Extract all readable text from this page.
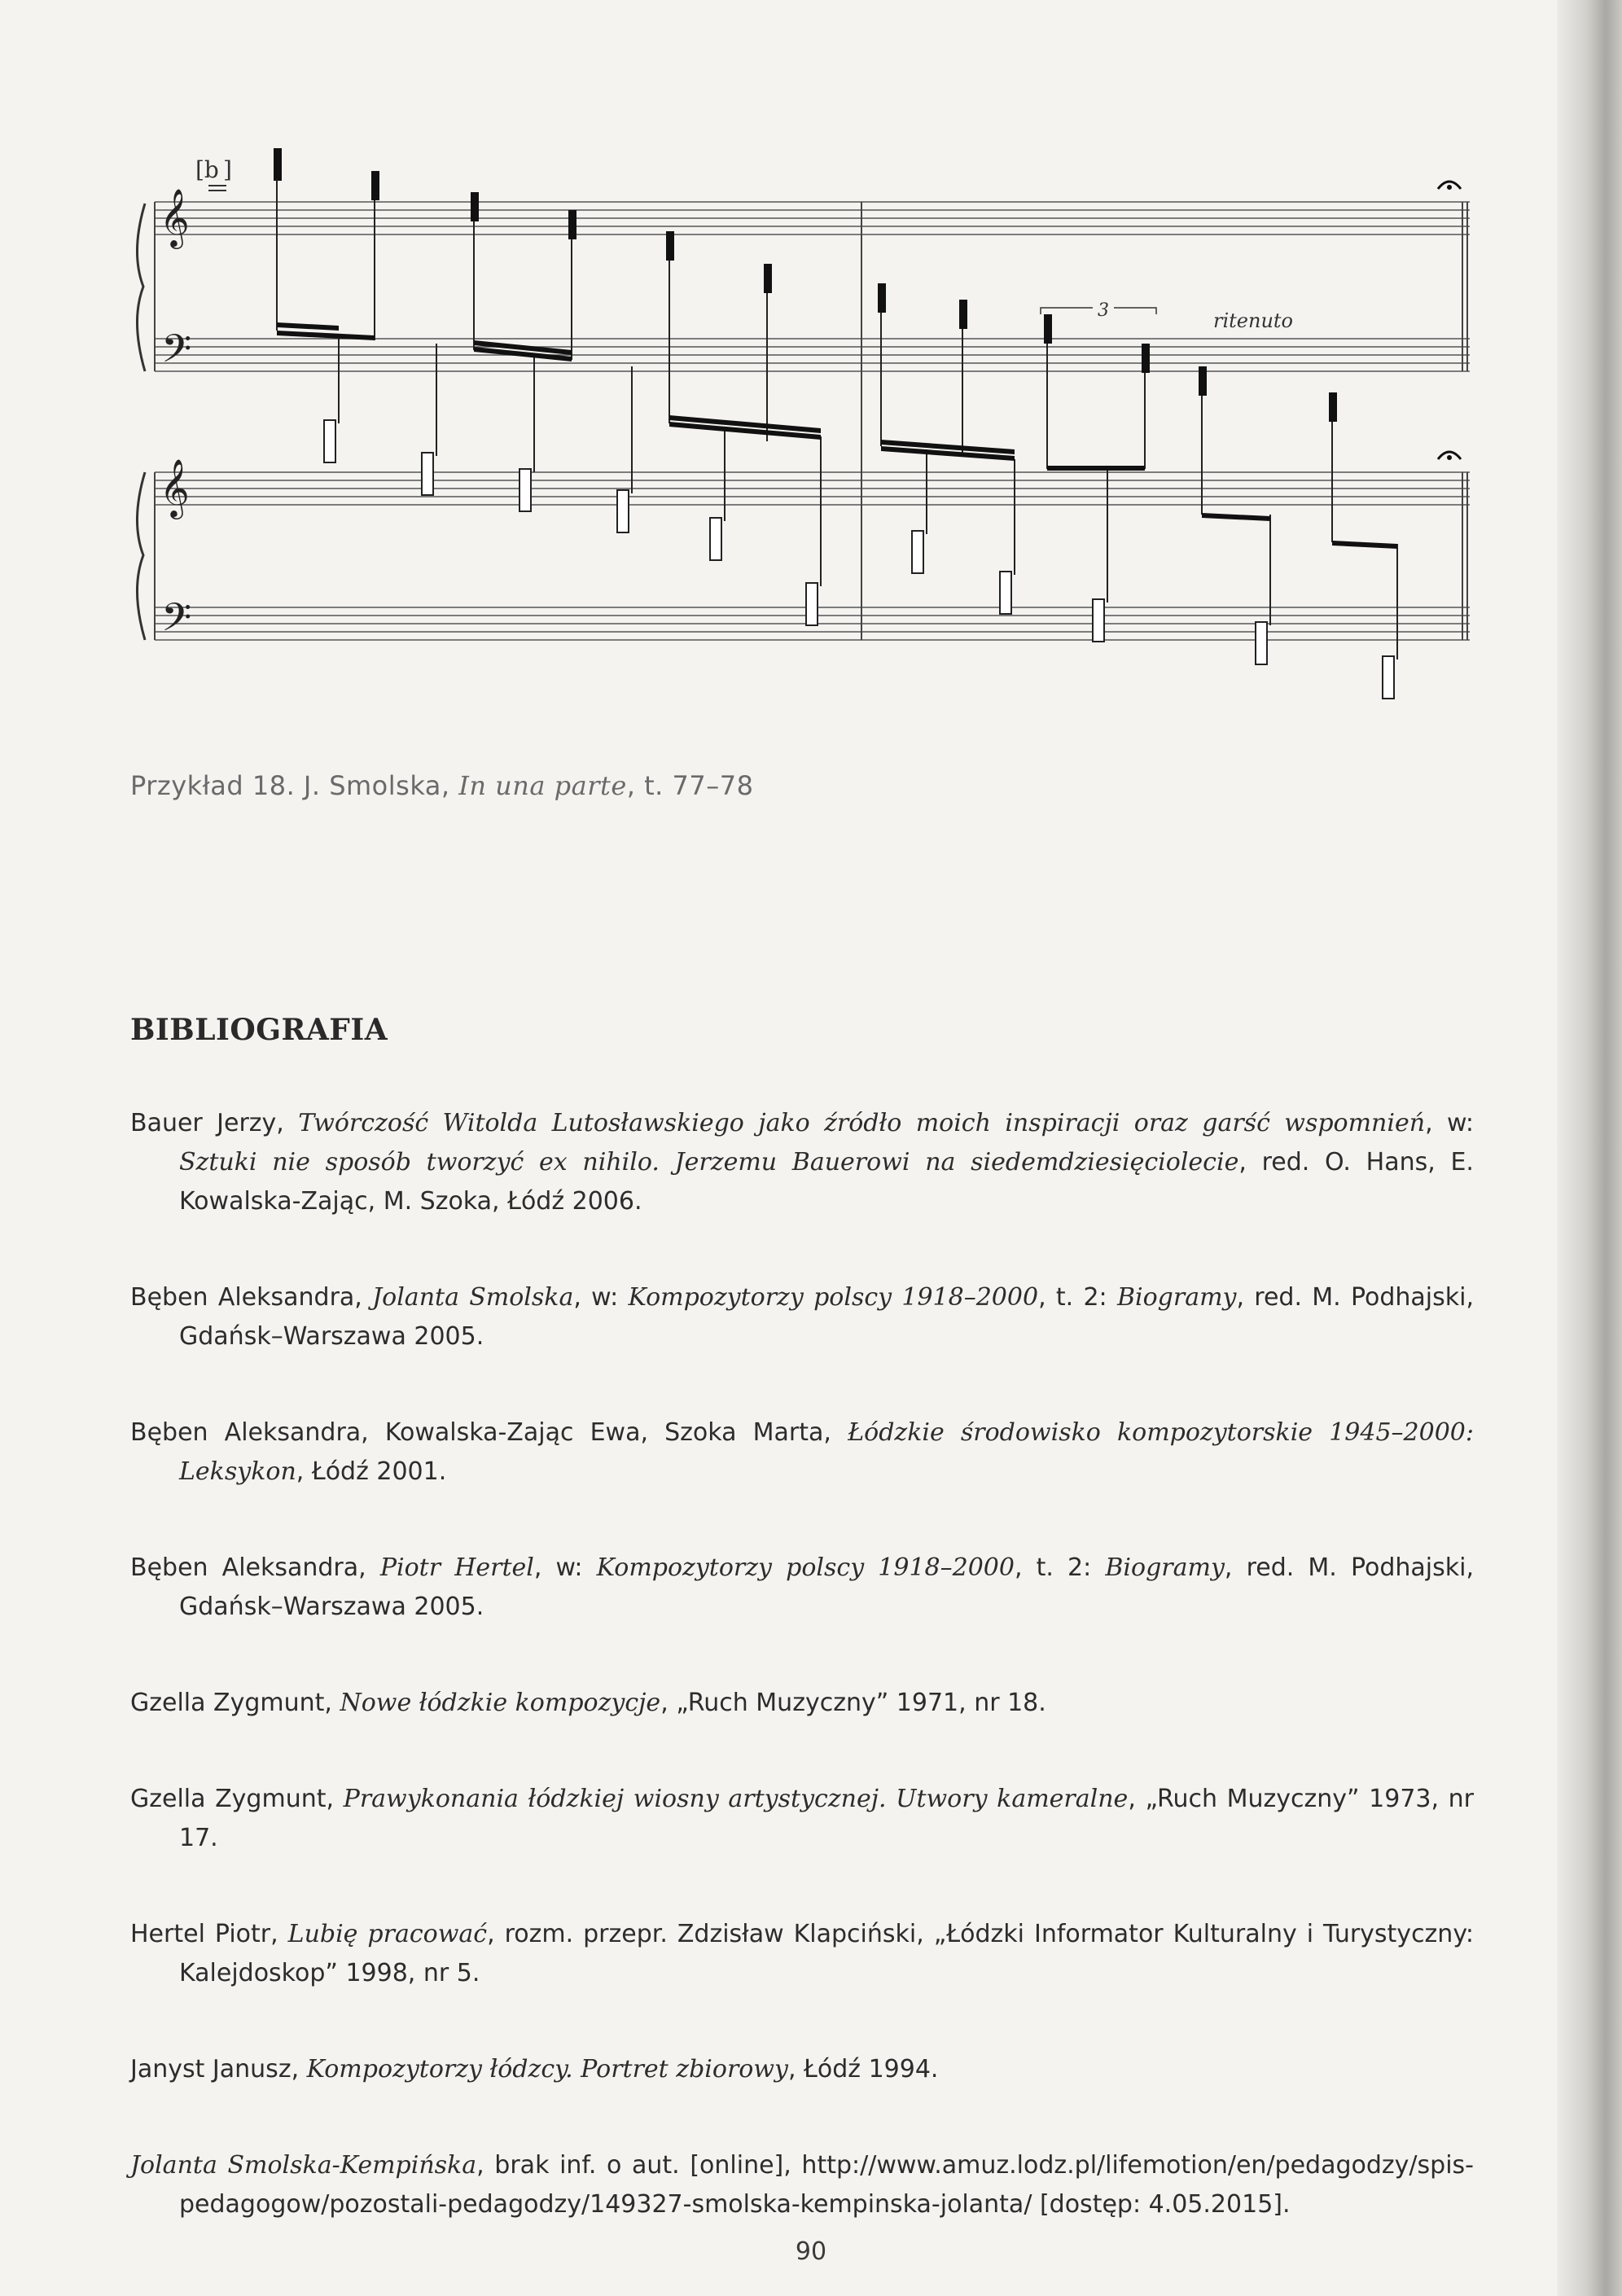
𝄞
𝄢
𝄞
𝄢
[b ]
3	ritenuto
Przykład 18. J. Smolska, In una parte, t. 77–78
BIBLIOGRAFIA

Bauer Jerzy, Twórczość Witolda Lutosławskiego jako źródło moich inspiracji oraz garść wspomnień, w: Sztuki nie sposób tworzyć ex nihilo. Jerzemu Bauerowi na siedemdziesięciolecie, red. O. Hans, E. Kowalska-Zając, M. Szoka, Łódź 2006.

Bęben Aleksandra, Jolanta Smolska, w: Kompozytorzy polscy 1918–2000, t. 2: Biogramy, red. M. Podhajski, Gdańsk–Warszawa 2005.

Bęben Aleksandra, Kowalska-Zając Ewa, Szoka Marta, Łódzkie środowisko kompozytorskie 1945–2000: Leksykon, Łódź 2001.

Bęben Aleksandra, Piotr Hertel, w: Kompozytorzy polscy 1918–2000, t. 2: Biogramy, red. M. Podhajski, Gdańsk–Warszawa 2005.

Gzella Zygmunt, Nowe łódzkie kompozycje, „Ruch Muzyczny” 1971, nr 18.

Gzella Zygmunt, Prawykonania łódzkiej wiosny artystycznej. Utwory kameralne, „Ruch Muzyczny” 1973, nr 17.

Hertel Piotr, Lubię pracować, rozm. przepr. Zdzisław Klapciński, „Łódzki Informator Kulturalny i Turystyczny: Kalejdoskop” 1998, nr 5.

Janyst Janusz, Kompozytorzy łódzcy. Portret zbiorowy, Łódź 1994.

Jolanta Smolska-Kempińska, brak inf. o aut. [online], http://www.amuz.lodz.pl/lifemotion/en/pedagodzy/spis-pedagogow/pozostali-pedagodzy/149327-smolska-kempinska-jolanta/ [dostęp: 4.05.2015].

90
